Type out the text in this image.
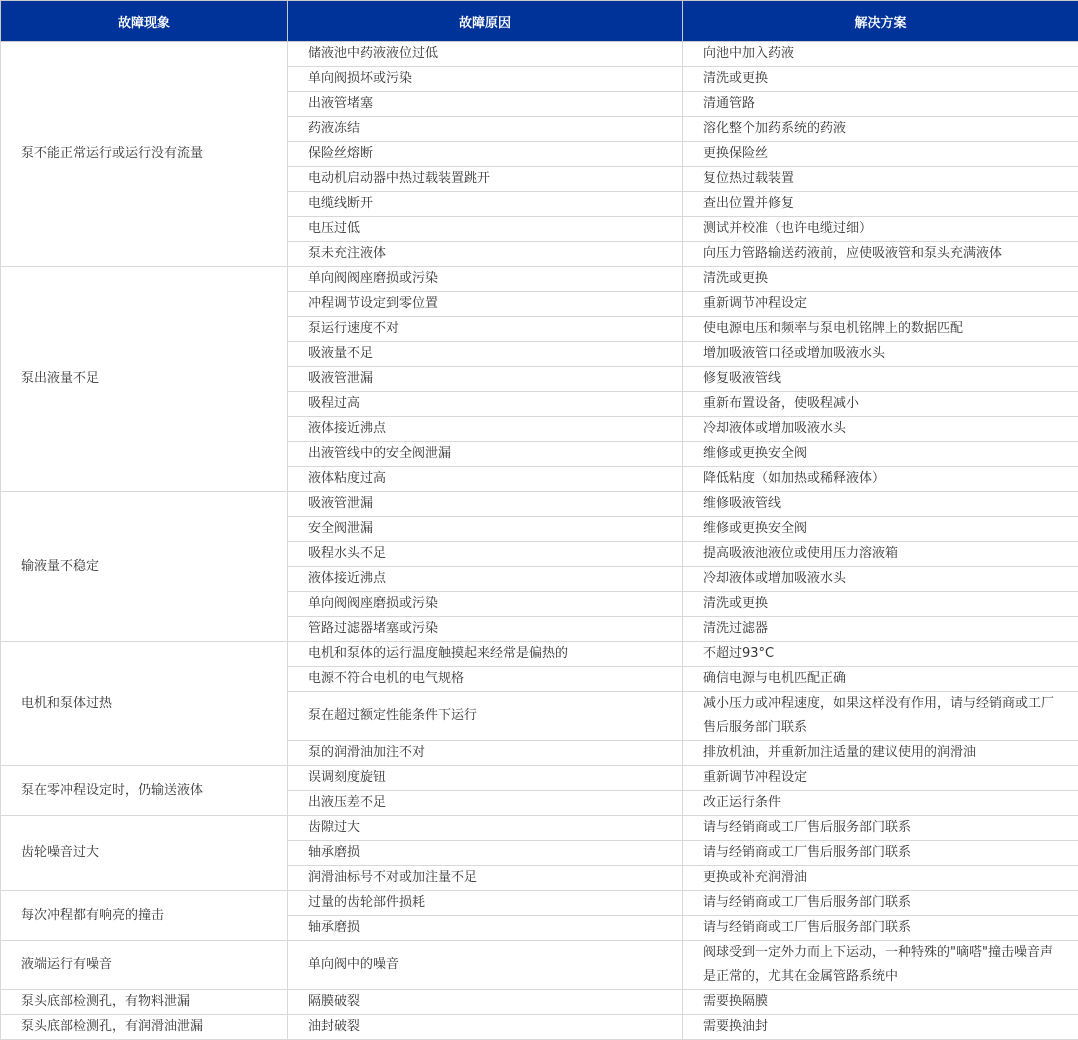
故障现象	故障原因	解决方案
泵不能正常运行或运行没有流量	储液池中药液液位过低	向池中加入药液
	单向阀损坏或污染	清洗或更换
	出液管堵塞	清通管路
	药液冻结	溶化整个加药系统的药液
	保险丝熔断	更换保险丝
	电动机启动器中热过载装置跳开	复位热过载装置
	电缆线断开	查出位置并修复
	电压过低	测试并校准（也许电缆过细）
	泵未充注液体	向压力管路输送药液前，应使吸液管和泵头充满液体
泵出液量不足	单向阀阀座磨损或污染	清洗或更换
	冲程调节设定到零位置	重新调节冲程设定
	泵运行速度不对	使电源电压和频率与泵电机铭牌上的数据匹配
	吸液量不足	增加吸液管口径或增加吸液水头
	吸液管泄漏	修复吸液管线
	吸程过高	重新布置设备，使吸程减小
	液体接近沸点	冷却液体或增加吸液水头
	出液管线中的安全阀泄漏	维修或更换安全阀
	液体粘度过高	降低粘度（如加热或稀释液体）
输液量不稳定	吸液管泄漏	维修吸液管线
	安全阀泄漏	维修或更换安全阀
	吸程水头不足	提高吸液池液位或使用压力溶液箱
	液体接近沸点	冷却液体或增加吸液水头
	单向阀阀座磨损或污染	清洗或更换
	管路过滤器堵塞或污染	清洗过滤器
电机和泵体过热	电机和泵体的运行温度触摸起来经常是偏热的	不超过93°C
	电源不符合电机的电气规格	确信电源与电机匹配正确
	泵在超过额定性能条件下运行	减小压力或冲程速度，如果这样没有作用，请与经销商或工厂售后服务部门联系
	泵的润滑油加注不对	排放机油，并重新加注适量的建议使用的润滑油
泵在零冲程设定时，仍输送液体	误调刻度旋钮	重新调节冲程设定
	出液压差不足	改正运行条件
齿轮噪音过大	齿隙过大	请与经销商或工厂售后服务部门联系
	轴承磨损	请与经销商或工厂售后服务部门联系
	润滑油标号不对或加注量不足	更换或补充润滑油
每次冲程都有响亮的撞击	过量的齿轮部件损耗	请与经销商或工厂售后服务部门联系
	轴承磨损	请与经销商或工厂售后服务部门联系
液端运行有噪音	单向阀中的噪音	阀球受到一定外力而上下运动，一种特殊的"嘀嗒"撞击噪音声是正常的，尤其在金属管路系统中
泵头底部检测孔，有物料泄漏	隔膜破裂	需要换隔膜
泵头底部检测孔，有润滑油泄漏	油封破裂	需要换油封
